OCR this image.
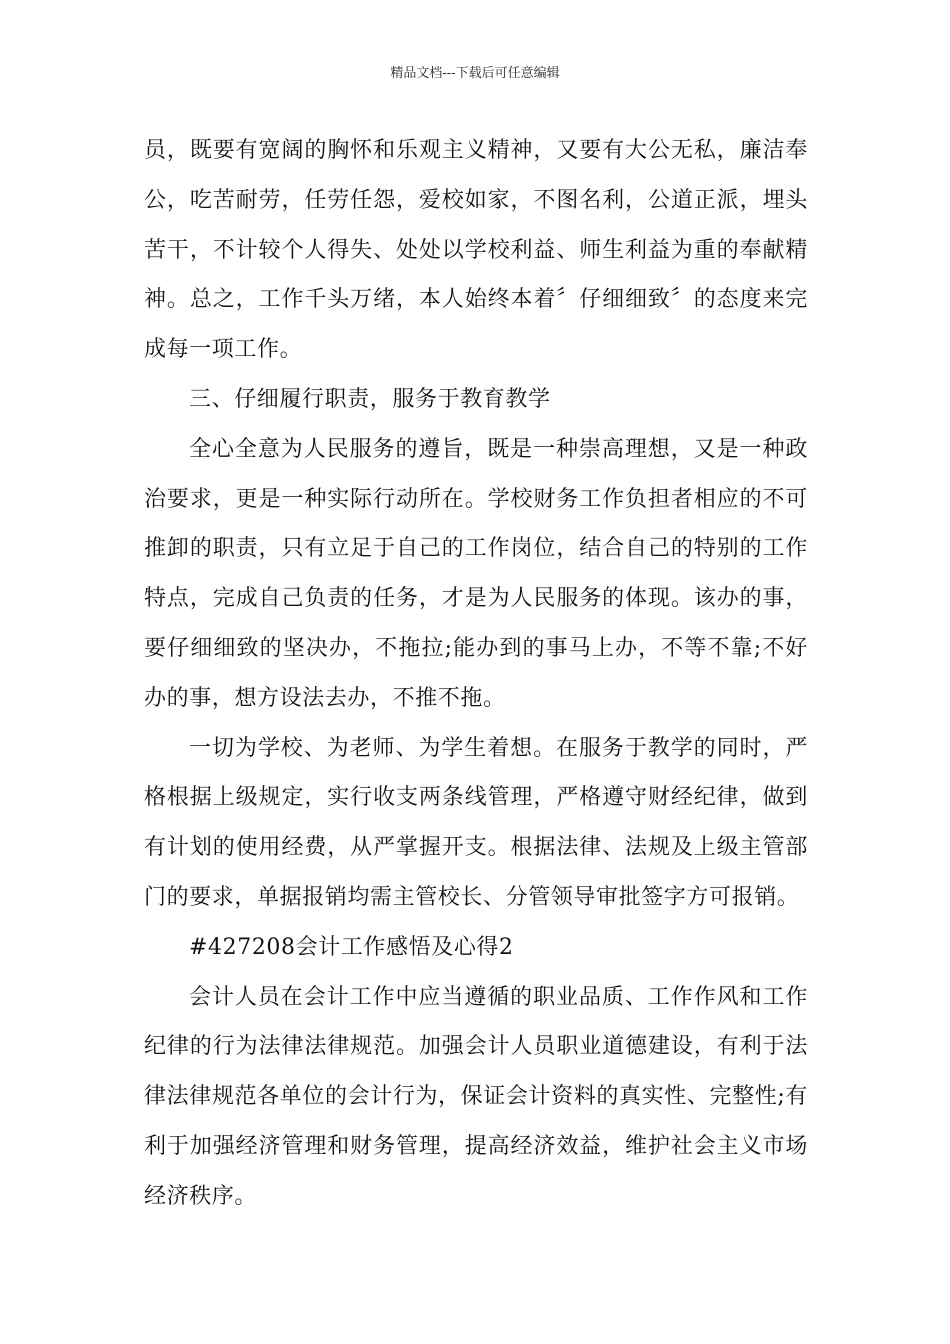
精品文档---下载后可任意编辑

员，既要有宽阔的胸怀和乐观主义精神，又要有大公无私，廉洁奉公，吃苦耐劳，任劳任怨，爱校如家，不图名利，公道正派，埋头苦干，不计较个人得失、处处以学校利益、师生利益为重的奉献精神。总之，工作千头万绪，本人始终本着〞仔细细致〞的态度来完成每一项工作。

三、仔细履行职责，服务于教育教学

全心全意为人民服务的遵旨，既是一种崇高理想，又是一种政治要求，更是一种实际行动所在。学校财务工作负担者相应的不可推卸的职责，只有立足于自己的工作岗位，结合自己的特别的工作特点，完成自己负责的任务，才是为人民服务的体现。该办的事，要仔细细致的坚决办，不拖拉;能办到的事马上办，不等不靠;不好办的事，想方设法去办，不推不拖。

一切为学校、为老师、为学生着想。在服务于教学的同时，严格根据上级规定，实行收支两条线管理，严格遵守财经纪律，做到有计划的使用经费，从严掌握开支。根据法律、法规及上级主管部门的要求，单据报销均需主管校长、分管领导审批签字方可报销。

#427208会计工作感悟及心得2

会计人员在会计工作中应当遵循的职业品质、工作作风和工作纪律的行为法律法律规范。加强会计人员职业道德建设，有利于法律法律规范各单位的会计行为，保证会计资料的真实性、完整性;有利于加强经济管理和财务管理，提高经济效益，维护社会主义市场经济秩序。
